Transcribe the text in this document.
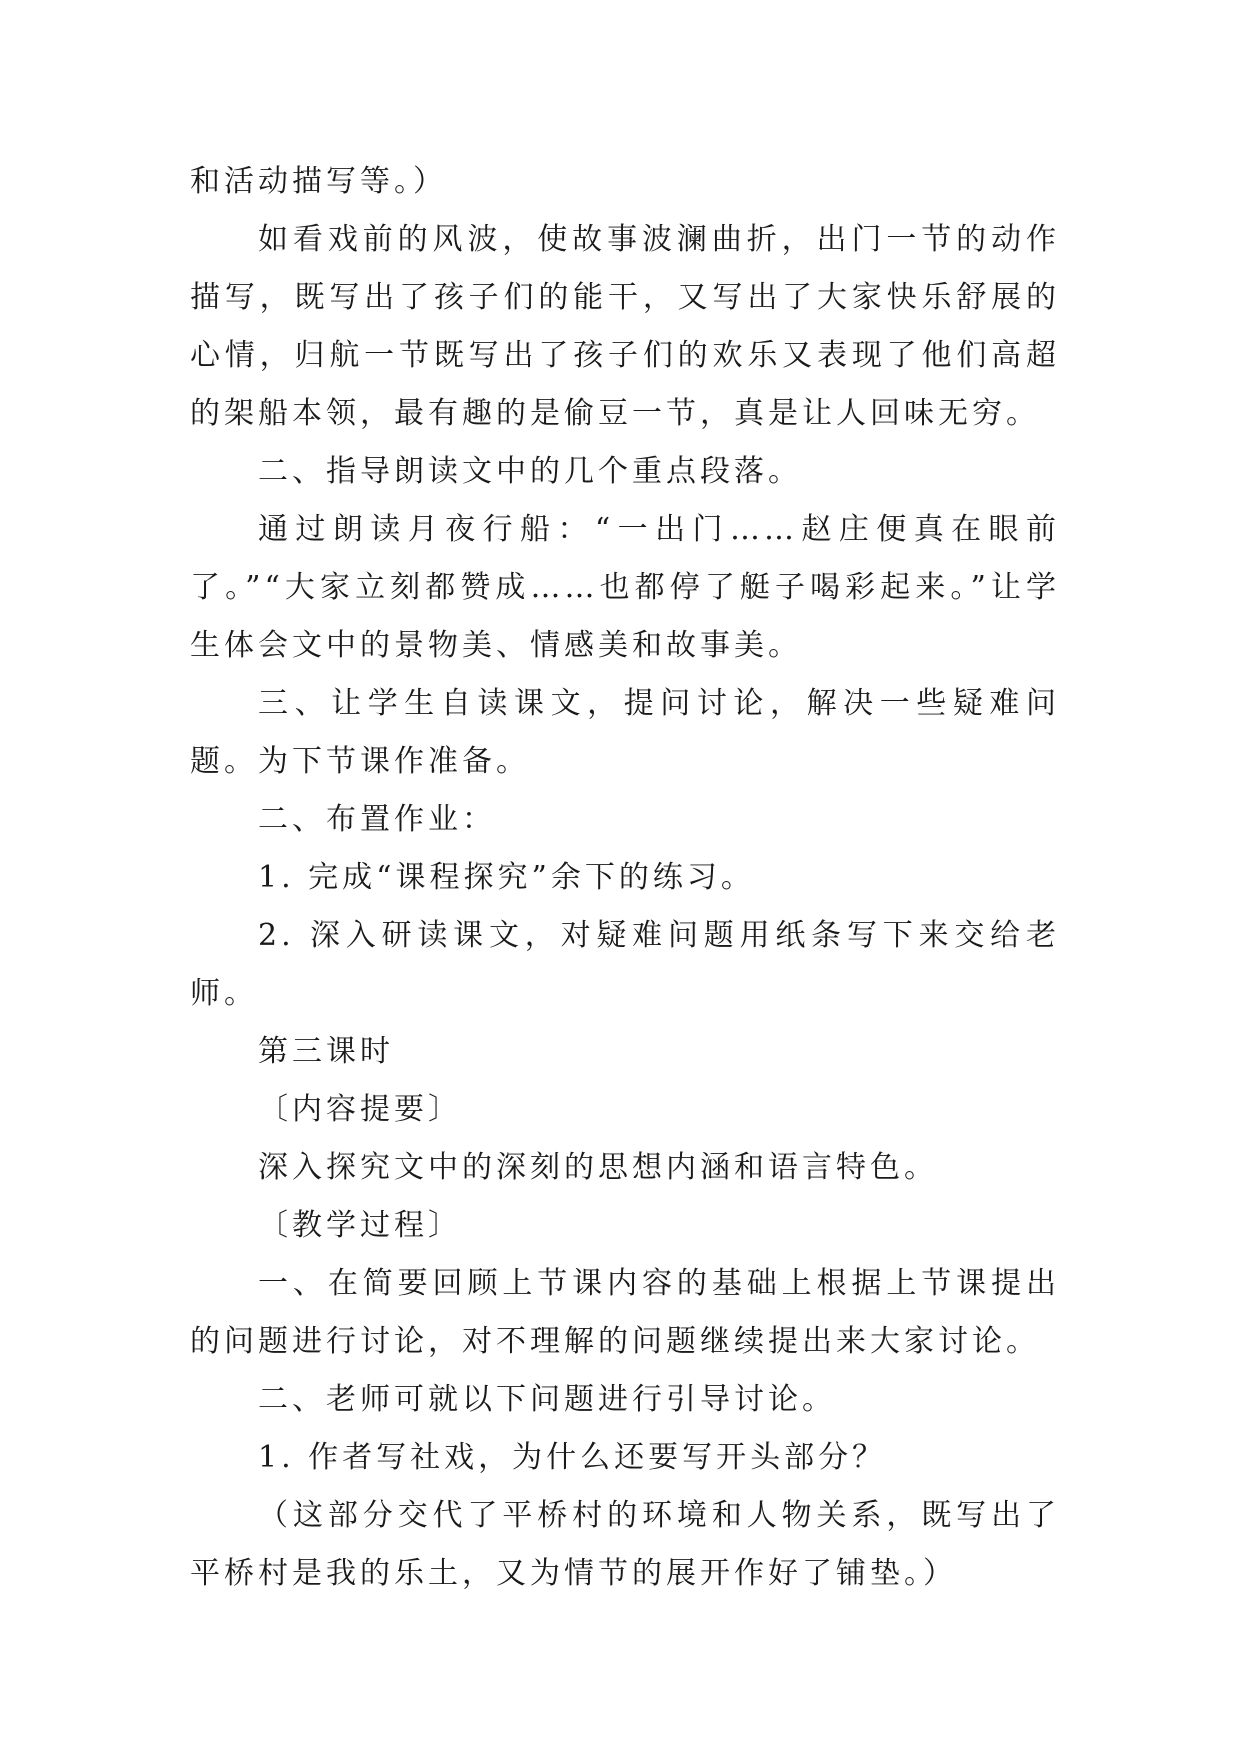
和活动描写等。）

如看戏前的风波，使故事波澜曲折，出门一节的动作描写，既写出了孩子们的能干，又写出了大家快乐舒展的心情，归航一节既写出了孩子们的欢乐又表现了他们高超的架船本领，最有趣的是偷豆一节，真是让人回味无穷。

二、指导朗读文中的几个重点段落。

通过朗读月夜行船：“一出门……赵庄便真在眼前了。”“大家立刻都赞成……也都停了艇子喝彩起来。”让学生体会文中的景物美、情感美和故事美。

三、让学生自读课文，提问讨论，解决一些疑难问题。为下节课作准备。

二、布置作业：

1. 完成“课程探究”余下的练习。

2. 深入研读课文，对疑难问题用纸条写下来交给老师。

第三课时

〔内容提要〕

深入探究文中的深刻的思想内涵和语言特色。

〔教学过程〕

一、在简要回顾上节课内容的基础上根据上节课提出的问题进行讨论，对不理解的问题继续提出来大家讨论。

二、老师可就以下问题进行引导讨论。

1. 作者写社戏，为什么还要写开头部分？

（这部分交代了平桥村的环境和人物关系，既写出了平桥村是我的乐土，又为情节的展开作好了铺垫。）
